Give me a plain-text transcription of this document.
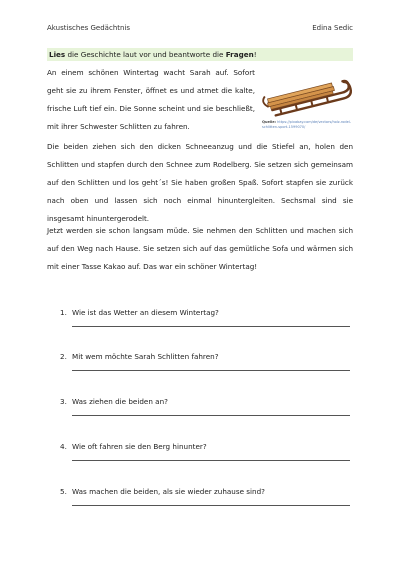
Akustisches Gedächtnis	Edina Sedic
Lies die Geschichte laut vor und beantworte die Fragen!

An einem schönen Wintertag wacht Sarah auf. Sofort geht sie zu ihrem Fenster, öffnet es und atmet die kalte, frische Luft tief ein. Die Sonne scheint und sie beschließt, mit ihrer Schwester Schlitten zu fahren.	Quelle: https://pixabay.com/de/vectors/holz-rodel-schlitten-sport-1599070/

Die beiden ziehen sich den dicken Schneeanzug und die Stiefel an, holen den Schlitten und stapfen durch den Schnee zum Rodelberg. Sie setzen sich gemeinsam auf den Schlitten und los geht´s! Sie haben großen Spaß. Sofort stapfen sie zurück nach oben und lassen sich noch einmal hinuntergleiten. Sechsmal sind sie insgesamt hinuntergerodelt.

Jetzt werden sie schon langsam müde. Sie nehmen den Schlitten und machen sich auf den Weg nach Hause. Sie setzen sich auf das gemütliche Sofa und wärmen sich mit einer Tasse Kakao auf. Das war ein schöner Wintertag!

1. Wie ist das Wetter an diesem Wintertag?
2. Mit wem möchte Sarah Schlitten fahren?
3. Was ziehen die beiden an?
4. Wie oft fahren sie den Berg hinunter?
5. Was machen die beiden, als sie wieder zuhause sind?
